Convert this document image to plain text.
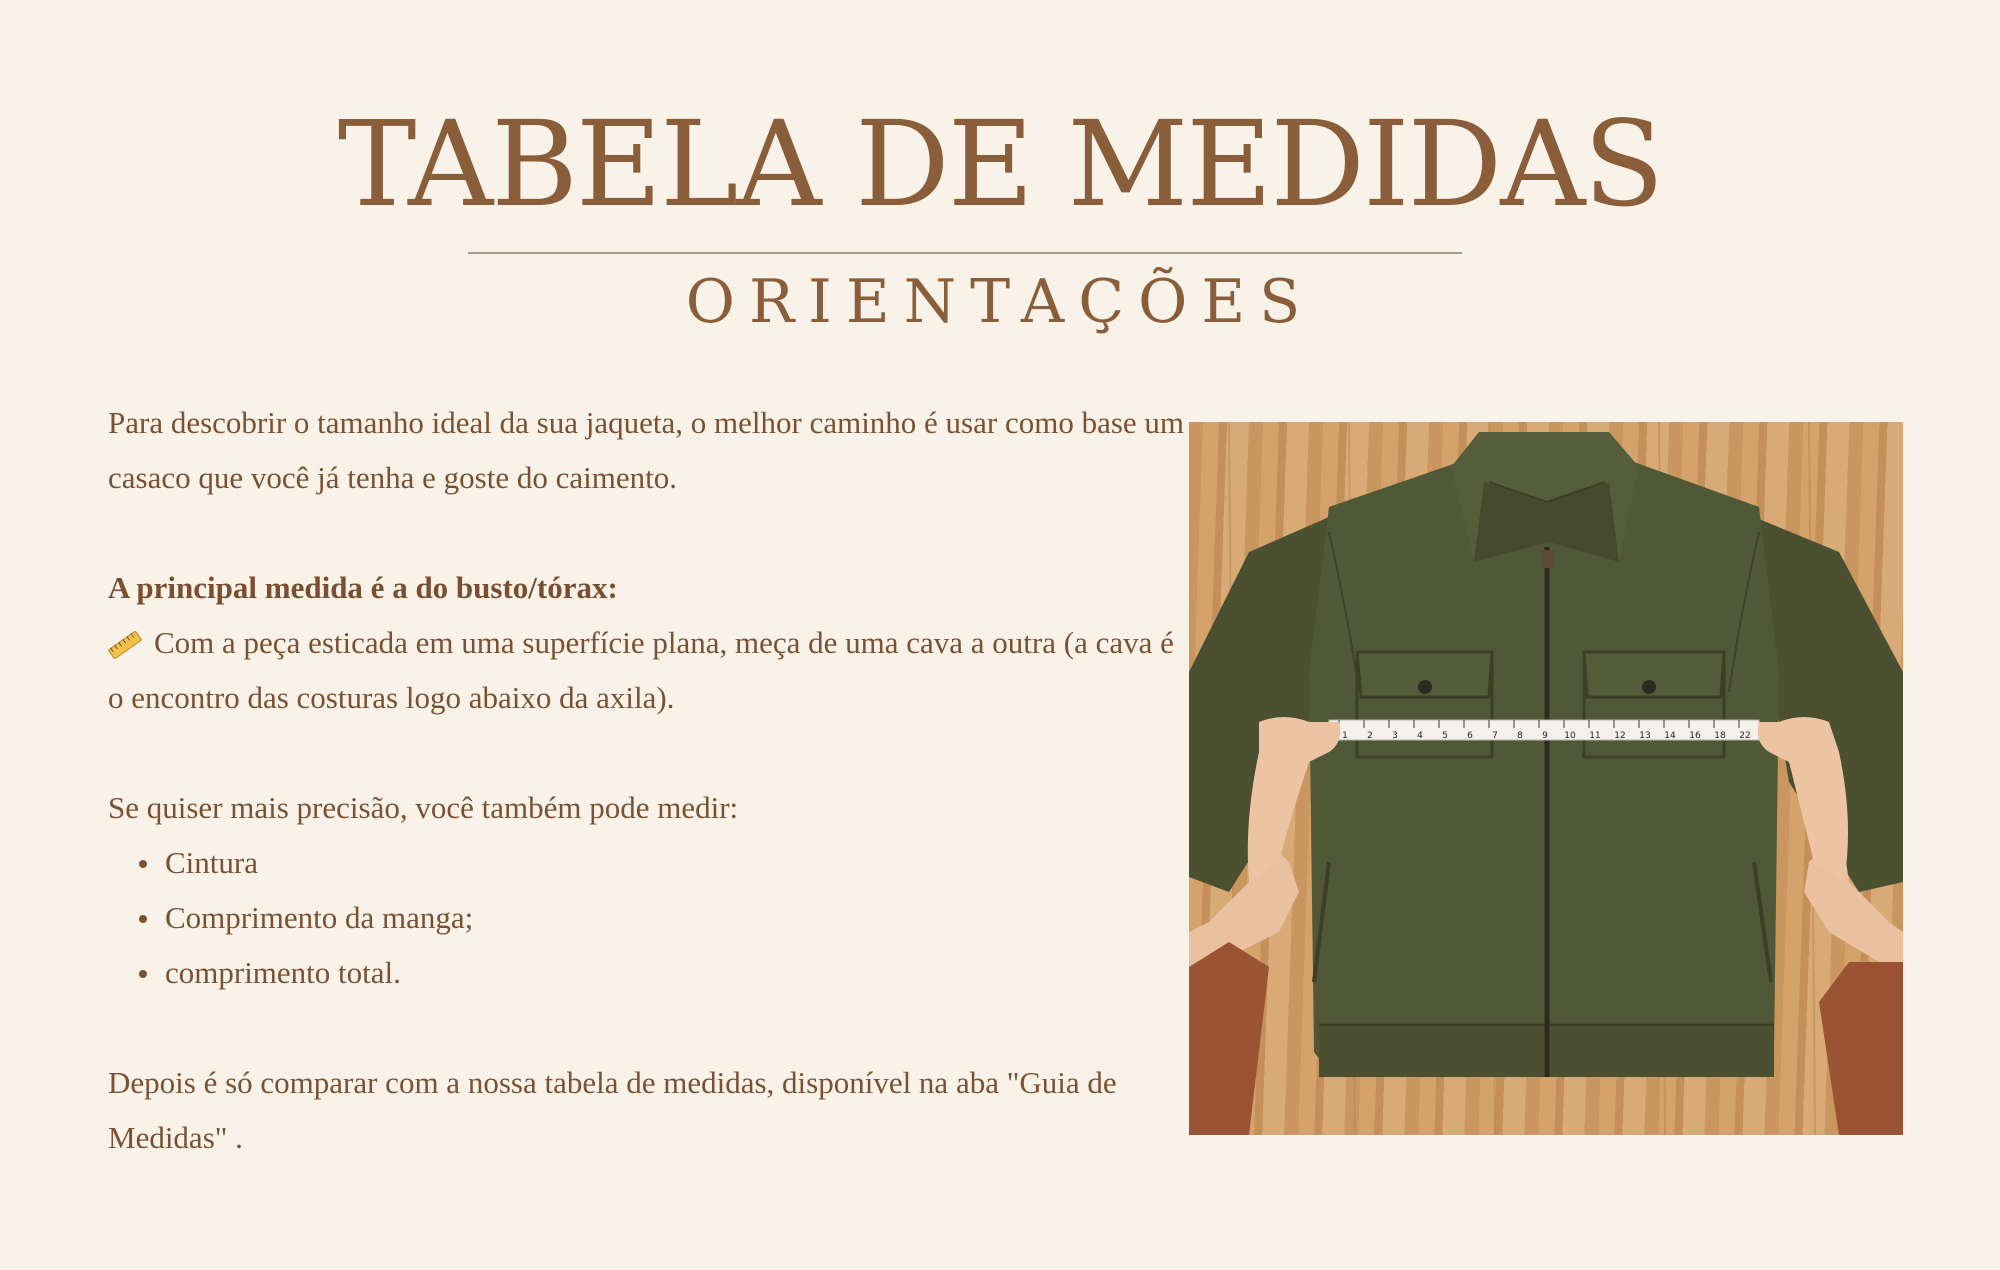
TABELA DE MEDIDAS
ORIENTAÇÕES

Para descobrir o tamanho ideal da sua jaqueta, o melhor caminho é usar como base um casaco que você já tenha e goste do caimento.

A principal medida é a do busto/tórax:

Com a peça esticada em uma superfície plana, meça de uma cava a outra (a cava é o encontro das costuras logo abaixo da axila).

Se quiser mais precisão, você também pode medir:

Cintura
Comprimento da manga;
comprimento total.

Depois é só comparar com a nossa tabela de medidas, disponível na aba "Guia de Medidas" .

1 2 3 4 5 6 7 8 9 10 11 12 13 14 16 18 22
